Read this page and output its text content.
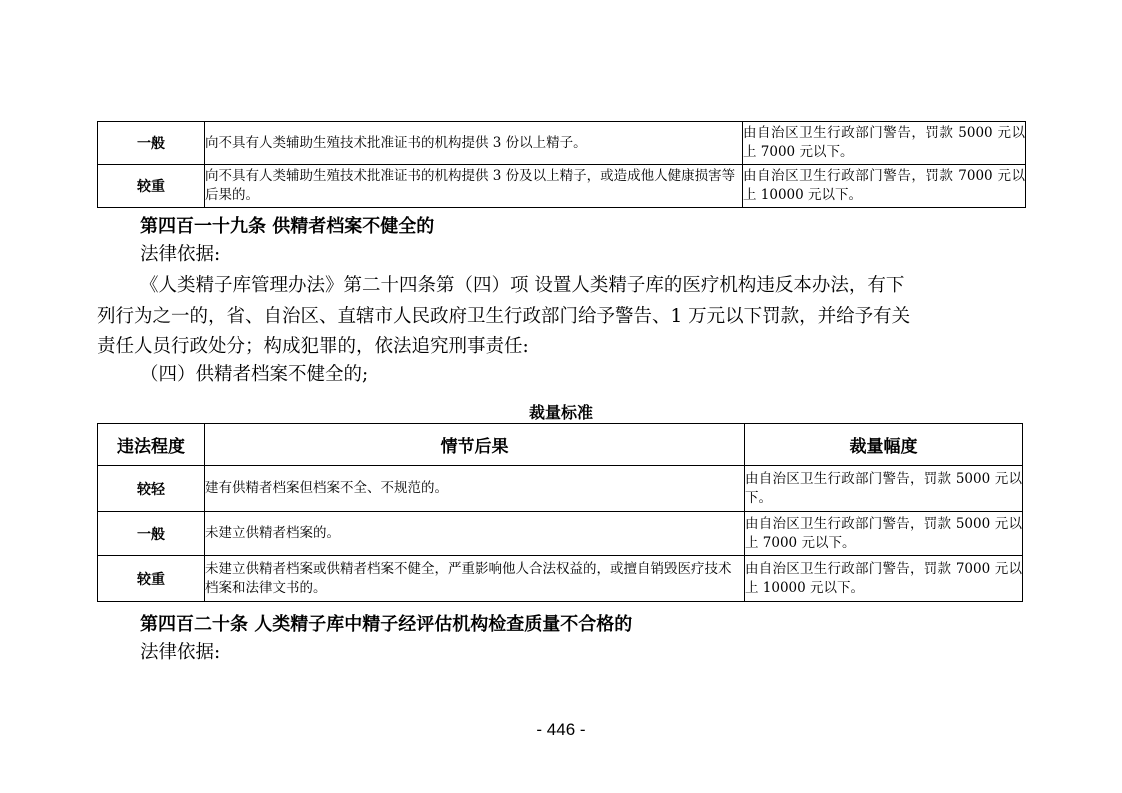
一般	向不具有人类辅助生殖技术批准证书的机构提供 3 份以上精子。	由自治区卫生行政部门警告，罚款 5000 元以上 7000 元以下。
较重	向不具有人类辅助生殖技术批准证书的机构提供 3 份及以上精子，或造成他人健康损害等后果的。	由自治区卫生行政部门警告，罚款 7000 元以上 10000 元以下。
第四百一十九条 供精者档案不健全的
法律依据:
《人类精子库管理办法》第二十四条第（四）项 设置人类精子库的医疗机构违反本办法，有下
列行为之一的，省、自治区、直辖市人民政府卫生行政部门给予警告、1 万元以下罚款，并给予有关
责任人员行政处分；构成犯罪的，依法追究刑事责任:
（四）供精者档案不健全的;
裁量标准
违法程度	情节后果	裁量幅度
较轻	建有供精者档案但档案不全、不规范的。	由自治区卫生行政部门警告，罚款 5000 元以下。
一般	未建立供精者档案的。	由自治区卫生行政部门警告，罚款 5000 元以上 7000 元以下。
较重	未建立供精者档案或供精者档案不健全，严重影响他人合法权益的，或擅自销毁医疗技术档案和法律文书的。	由自治区卫生行政部门警告，罚款 7000 元以上 10000 元以下。
第四百二十条 人类精子库中精子经评估机构检查质量不合格的
法律依据:
- 446 -
